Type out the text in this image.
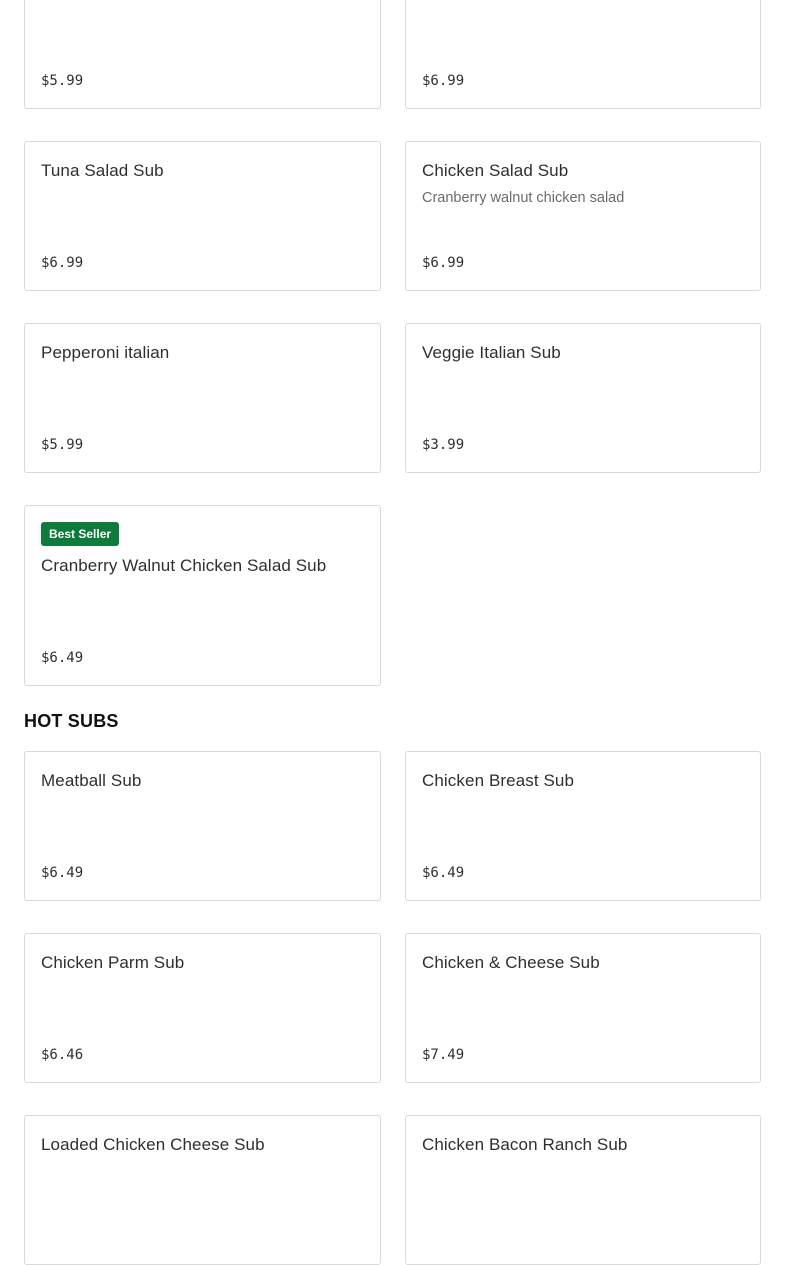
$5.99	$6.99
Tuna Salad Sub
$6.99
Chicken Salad Sub
Cranberry walnut chicken salad
$6.99
Pepperoni italian
$5.99
Veggie Italian Sub
$3.99
Best Seller
Cranberry Walnut Chicken Salad Sub
$6.49
HOT SUBS
Meatball Sub
$6.49
Chicken Breast Sub
$6.49
Chicken Parm Sub
$6.46
Chicken & Cheese Sub
$7.49
Loaded Chicken Cheese Sub	Chicken Bacon Ranch Sub
